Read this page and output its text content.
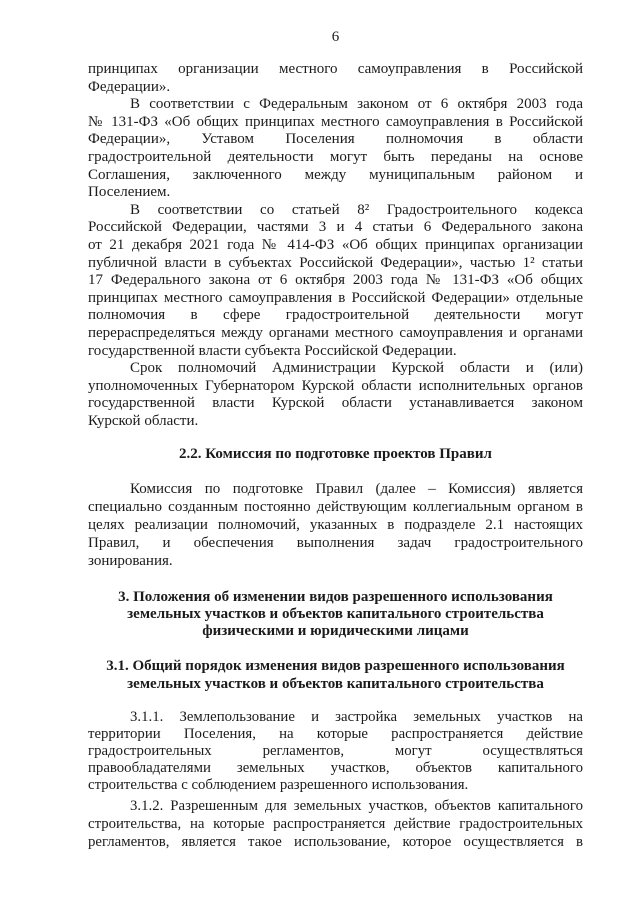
6
принципах организации местного самоуправления в Российской
Федерации».
В соответствии с Федеральным законом от 6 октября 2003 года
№ 131-ФЗ «Об общих принципах местного самоуправления в Российской
Федерации», Уставом Поселения полномочия в области
градостроительной деятельности могут быть переданы на основе
Соглашения, заключенного между муниципальным районом и
Поселением.
В соответствии со статьей 8² Градостроительного кодекса
Российской Федерации, частями 3 и 4 статьи 6 Федерального закона
от 21 декабря 2021 года № 414-ФЗ «Об общих принципах организации
публичной власти в субъектах Российской Федерации», частью 1² статьи
17 Федерального закона от 6 октября 2003 года № 131-ФЗ «Об общих
принципах местного самоуправления в Российской Федерации» отдельные
полномочия в сфере градостроительной деятельности могут
перераспределяться между органами местного самоуправления и органами
государственной власти субъекта Российской Федерации.
Срок полномочий Администрации Курской области и (или)
уполномоченных Губернатором Курской области исполнительных органов
государственной власти Курской области устанавливается законом
Курской области.
2.2. Комиссия по подготовке проектов Правил
Комиссия по подготовке Правил (далее – Комиссия) является
специально созданным постоянно действующим коллегиальным органом в
целях реализации полномочий, указанных в подразделе 2.1 настоящих
Правил, и обеспечения выполнения задач градостроительного
зонирования.
3. Положения об изменении видов разрешенного использования
земельных участков и объектов капитального строительства
физическими и юридическими лицами
3.1. Общий порядок изменения видов разрешенного использования
земельных участков и объектов капитального строительства
3.1.1. Землепользование и застройка земельных участков на
территории Поселения, на которые распространяется действие
градостроительных регламентов, могут осуществляться
правообладателями земельных участков, объектов капитального
строительства с соблюдением разрешенного использования.
3.1.2. Разрешенным для земельных участков, объектов капитального
строительства, на которые распространяется действие градостроительных
регламентов, является такое использование, которое осуществляется в
